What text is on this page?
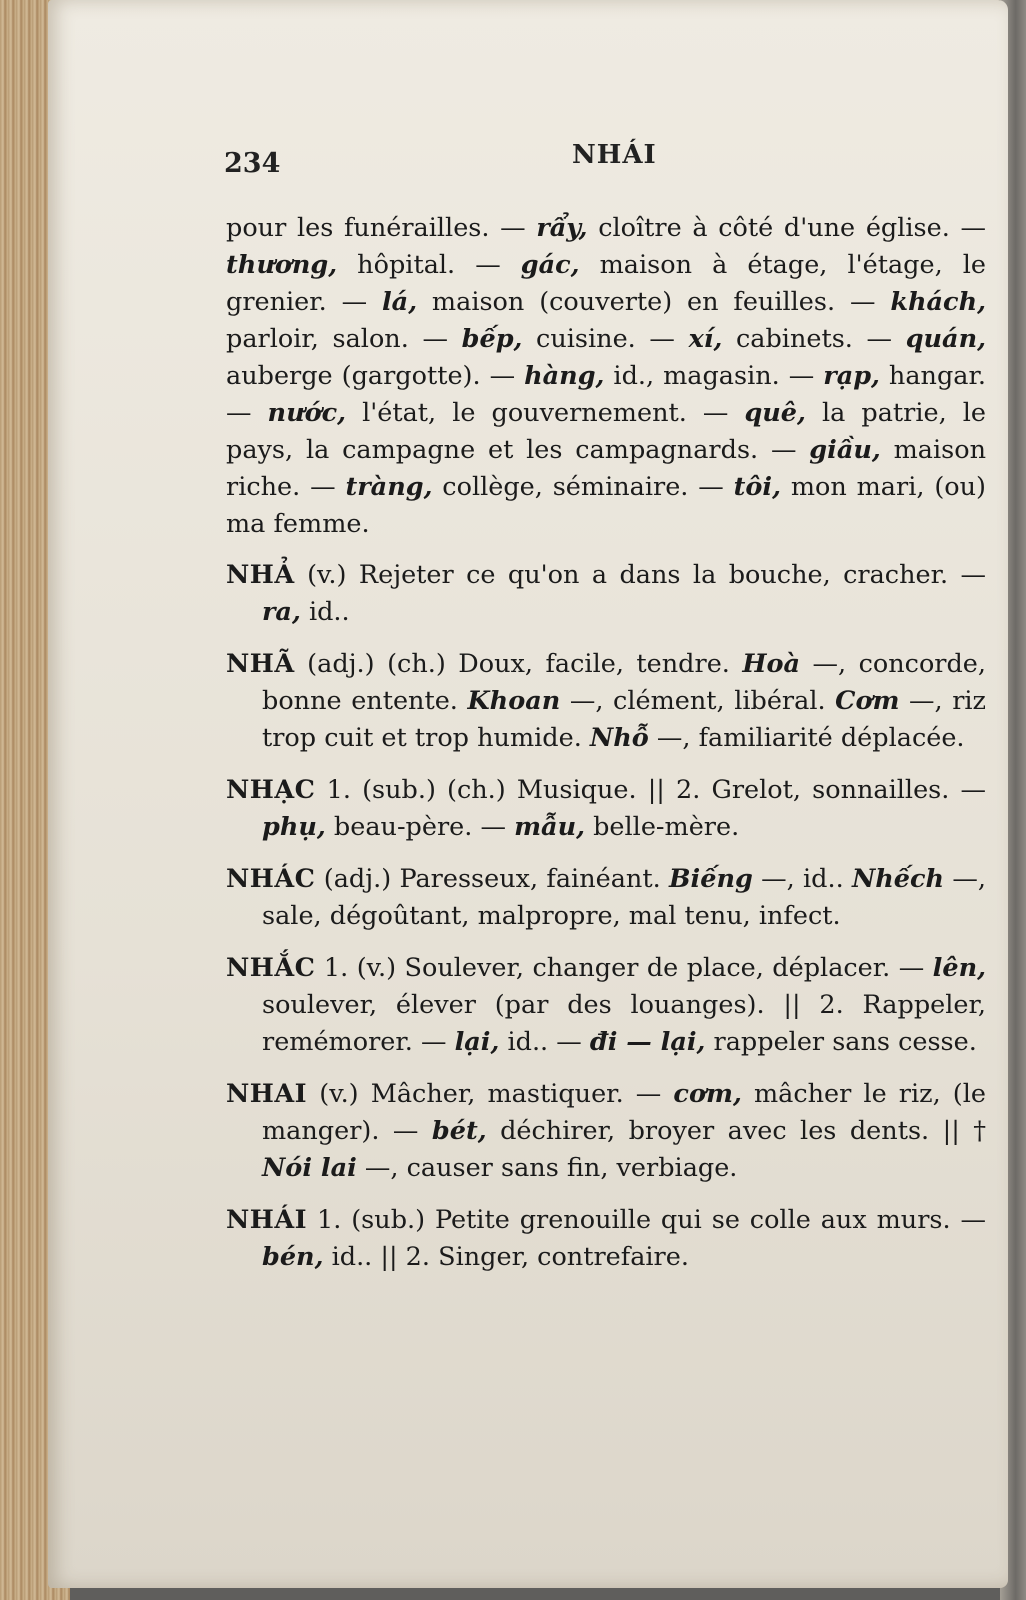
234	NHÁI

pour les funérailles. — rẩy, cloître à côté d'une église. — thương, hôpital. — gác, maison à étage, l'étage, le grenier. — lá, maison (couverte) en feuilles. — khách, parloir, salon. — bếp, cuisine. — xí, cabinets. — quán, auberge (gargotte). — hàng, id., magasin. — rạp, hangar. — nước, l'état, le gouvernement. — quê, la patrie, le pays, la campagne et les campagnards. — giầu, maison riche. — tràng, collège, séminaire. — tôi, mon mari, (ou) ma femme.

NHẢ (v.) Rejeter ce qu'on a dans la bouche, cracher. — ra, id..

NHÃ (adj.) (ch.) Doux, facile, tendre. Hoà —, concorde, bonne entente. Khoan —, clément, libéral. Cơm —, riz trop cuit et trop humide. Nhỗ —, familiarité déplacée.

NHẠC 1. (sub.) (ch.) Musique. || 2. Grelot, sonnailles. — phụ, beau-père. — mẫu, belle-mère.

NHÁC (adj.) Paresseux, fainéant. Biếng —, id.. Nhếch —, sale, dégoûtant, malpropre, mal tenu, infect.

NHẮC 1. (v.) Soulever, changer de place, déplacer. — lên, soulever, élever (par des louanges). || 2. Rappeler, remémorer. — lại, id.. — đi — lại, rappeler sans cesse.

NHAI (v.) Mâcher, mastiquer. — cơm, mâcher le riz, (le manger). — bét, déchirer, broyer avec les dents. || † Nói lai —, causer sans fin, verbiage.

NHÁI 1. (sub.) Petite grenouille qui se colle aux murs. — bén, id.. || 2. Singer, contrefaire.
